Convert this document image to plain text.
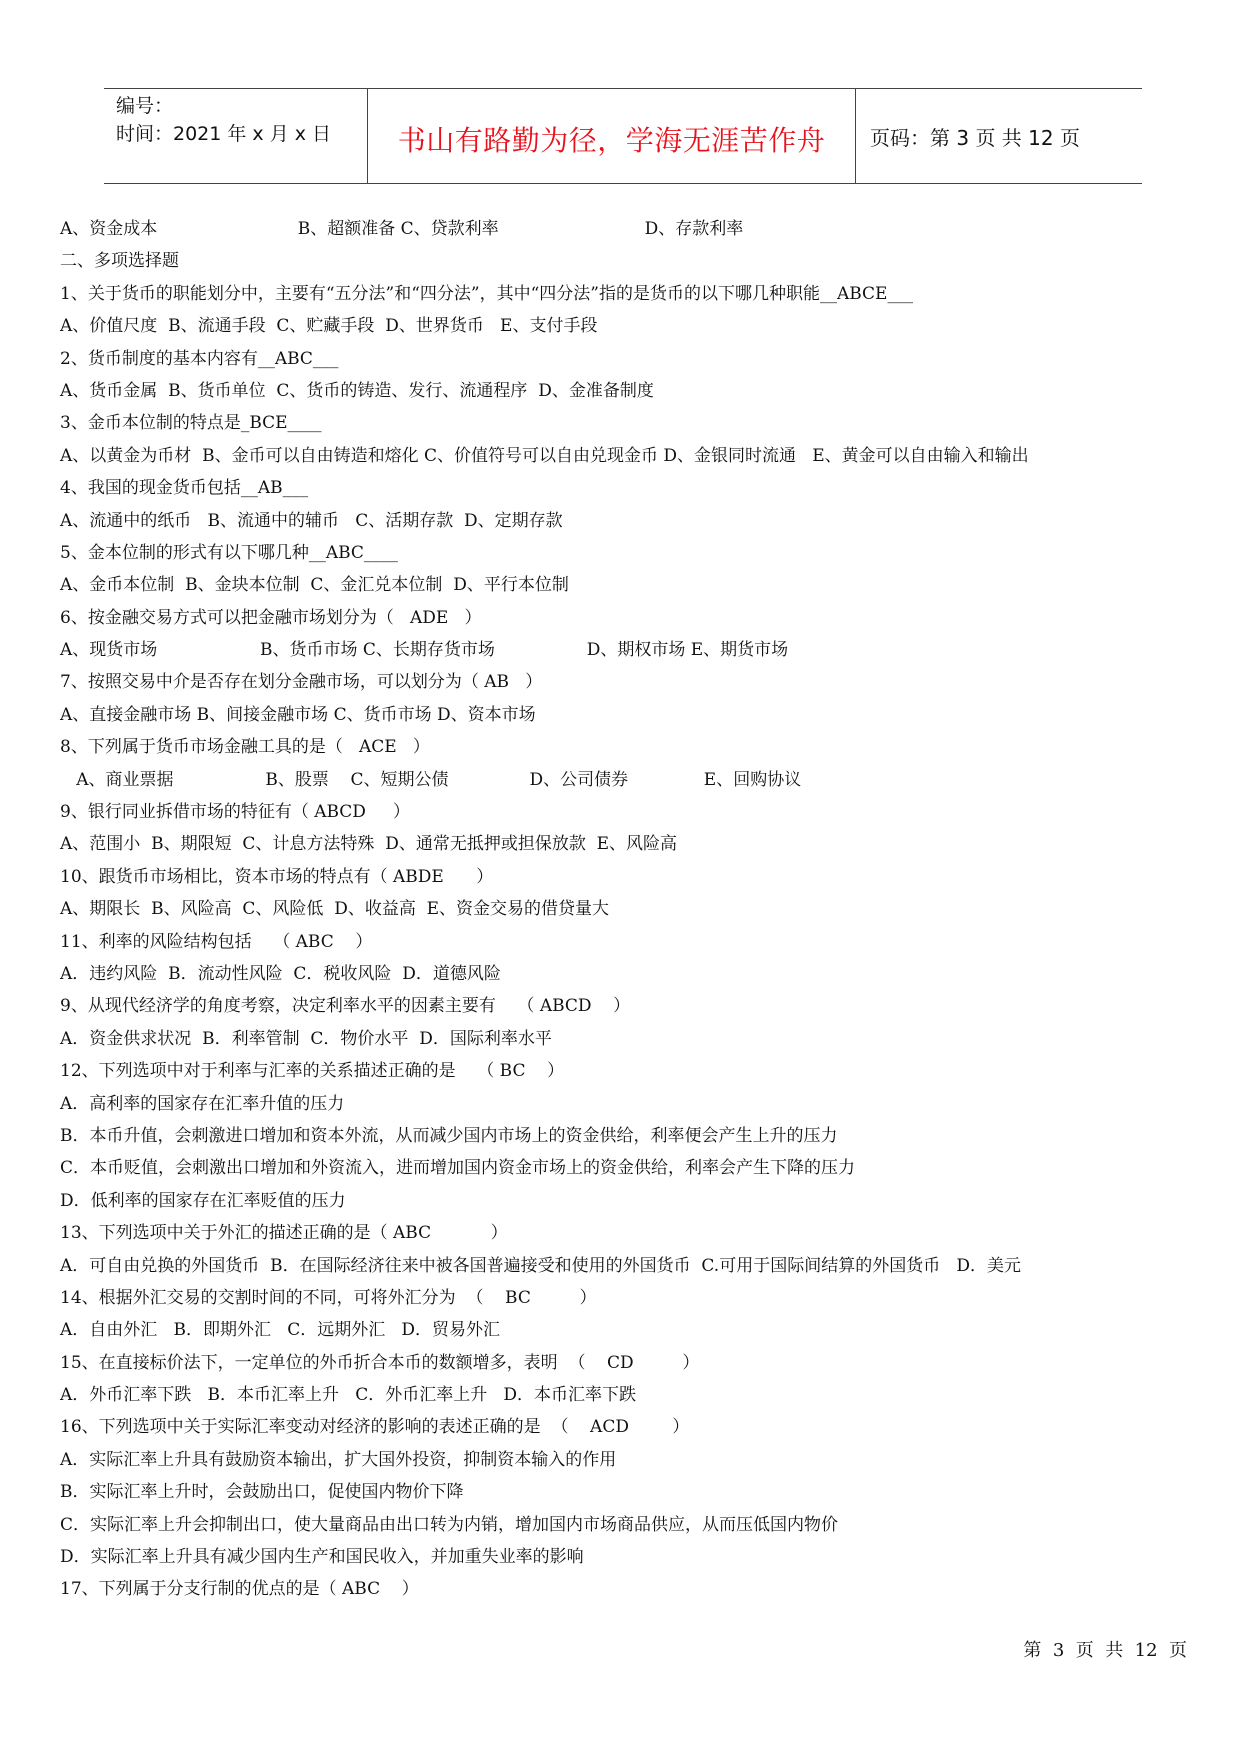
编号：
时间：2021 年 x 月 x 日	书山有路勤为径，学海无涯苦作舟	页码：第 3 页 共 12 页
A、资金成本                          B、超额准备 C、贷款利率                           D、存款利率
二、多项选择题
1、关于货币的职能划分中，主要有“五分法”和“四分法”，其中“四分法”指的是货币的以下哪几种职能__ABCE___
A、价值尺度  B、流通手段  C、贮藏手段  D、世界货币   E、支付手段
2、货币制度的基本内容有__ABC___
A、货币金属  B、货币单位  C、货币的铸造、发行、流通程序  D、金准备制度
3、金币本位制的特点是_BCE____
A、以黄金为币材  B、金币可以自由铸造和熔化 C、价值符号可以自由兑现金币 D、金银同时流通   E、黄金可以自由输入和输出
4、我国的现金货币包括__AB___
A、流通中的纸币   B、流通中的辅币   C、活期存款  D、定期存款
5、金本位制的形式有以下哪几种__ABC____
A、金币本位制  B、金块本位制  C、金汇兑本位制  D、平行本位制
6、按金融交易方式可以把金融市场划分为（   ADE   ）
A、现货市场                   B、货币市场 C、长期存货市场                 D、期权市场 E、期货市场
7、按照交易中介是否存在划分金融市场，可以划分为（ AB   ）
A、直接金融市场 B、间接金融市场 C、货币市场 D、资本市场
8、下列属于货币市场金融工具的是（   ACE   ）
A、商业票据                 B、股票    C、短期公债               D、公司债券              E、回购协议
9、银行同业拆借市场的特征有（ ABCD     ）
A、范围小  B、期限短  C、计息方法特殊  D、通常无抵押或担保放款  E、风险高
10、跟货币市场相比，资本市场的特点有（ ABDE      ）
A、期限长  B、风险高  C、风险低  D、收益高  E、资金交易的借贷量大
11、利率的风险结构包括    （ ABC    ）
A．违约风险  B．流动性风险  C．税收风险  D．道德风险
9、从现代经济学的角度考察，决定利率水平的因素主要有    （ ABCD    ）
A．资金供求状况  B．利率管制  C．物价水平  D．国际利率水平
12、下列选项中对于利率与汇率的关系描述正确的是    （ BC    ）
A．高利率的国家存在汇率升值的压力
B．本币升值，会刺激进口增加和资本外流，从而减少国内市场上的资金供给，利率便会产生上升的压力
C．本币贬值，会刺激出口增加和外资流入，进而增加国内资金市场上的资金供给，利率会产生下降的压力
D．低利率的国家存在汇率贬值的压力
13、下列选项中关于外汇的描述正确的是（ ABC           ）
A．可自由兑换的外国货币  B．在国际经济往来中被各国普遍接受和使用的外国货币  C.可用于国际间结算的外国货币   D．美元
14、根据外汇交易的交割时间的不同，可将外汇分为  （    BC         ）
A．自由外汇   B．即期外汇   C．远期外汇   D．贸易外汇
15、在直接标价法下，一定单位的外币折合本币的数额增多，表明  （    CD         ）
A．外币汇率下跌   B．本币汇率上升   C．外币汇率上升   D．本币汇率下跌
16、下列选项中关于实际汇率变动对经济的影响的表述正确的是  （    ACD        ）
A．实际汇率上升具有鼓励资本输出，扩大国外投资，抑制资本输入的作用
B．实际汇率上升时，会鼓励出口，促使国内物价下降
C．实际汇率上升会抑制出口，使大量商品由出口转为内销，增加国内市场商品供应，从而压低国内物价
D．实际汇率上升具有减少国内生产和国民收入，并加重失业率的影响
17、下列属于分支行制的优点的是（ ABC    ）
第  3  页  共  12  页
